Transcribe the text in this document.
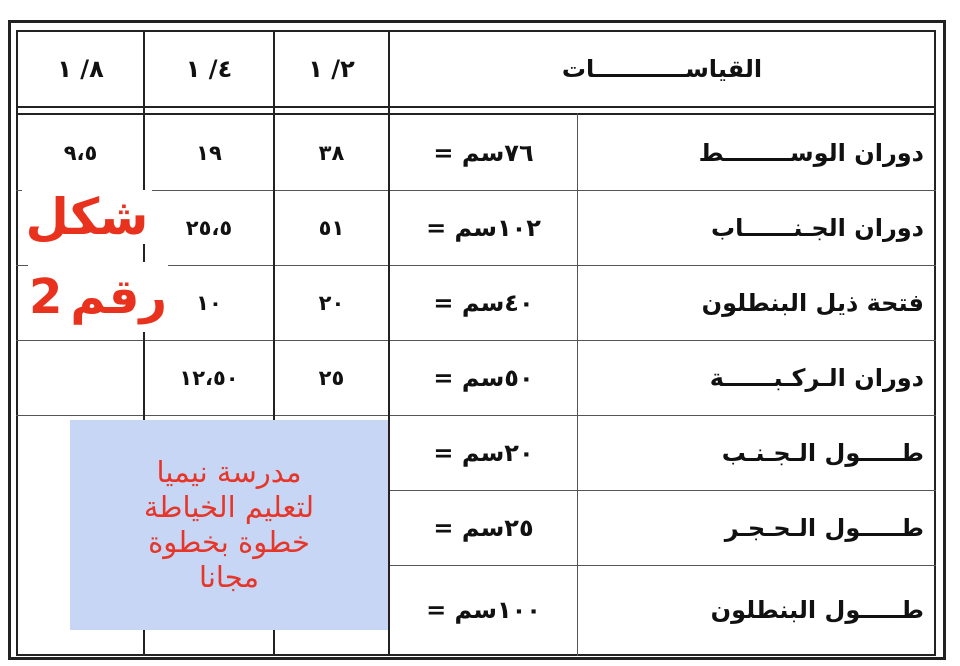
القياســـــــــــات
٢/ ١
٤/ ١
٨/ ١
دوران الوســــــــط
= ٧٦سم
٣٨
١٩
٩،٥
دوران الجـنــــــاب
= ١٠٢سم
٥١
٢٥،٥
فتحة ذيل البنطلون
= ٤٠سم
٢٠
١٠
دوران الـركـبــــــة
= ٥٠سم
٢٥
١٢،٥٠
طـــــول الـجـنـب
= ٢٠سم
طـــــول الـحـجـر
= ٢٥سم
طـــــول البنطلون
= ١٠٠سم
شكل
رقم
2
مدرسة نيميا
لتعليم الخياطة
خطوة بخطوة
مجانا
